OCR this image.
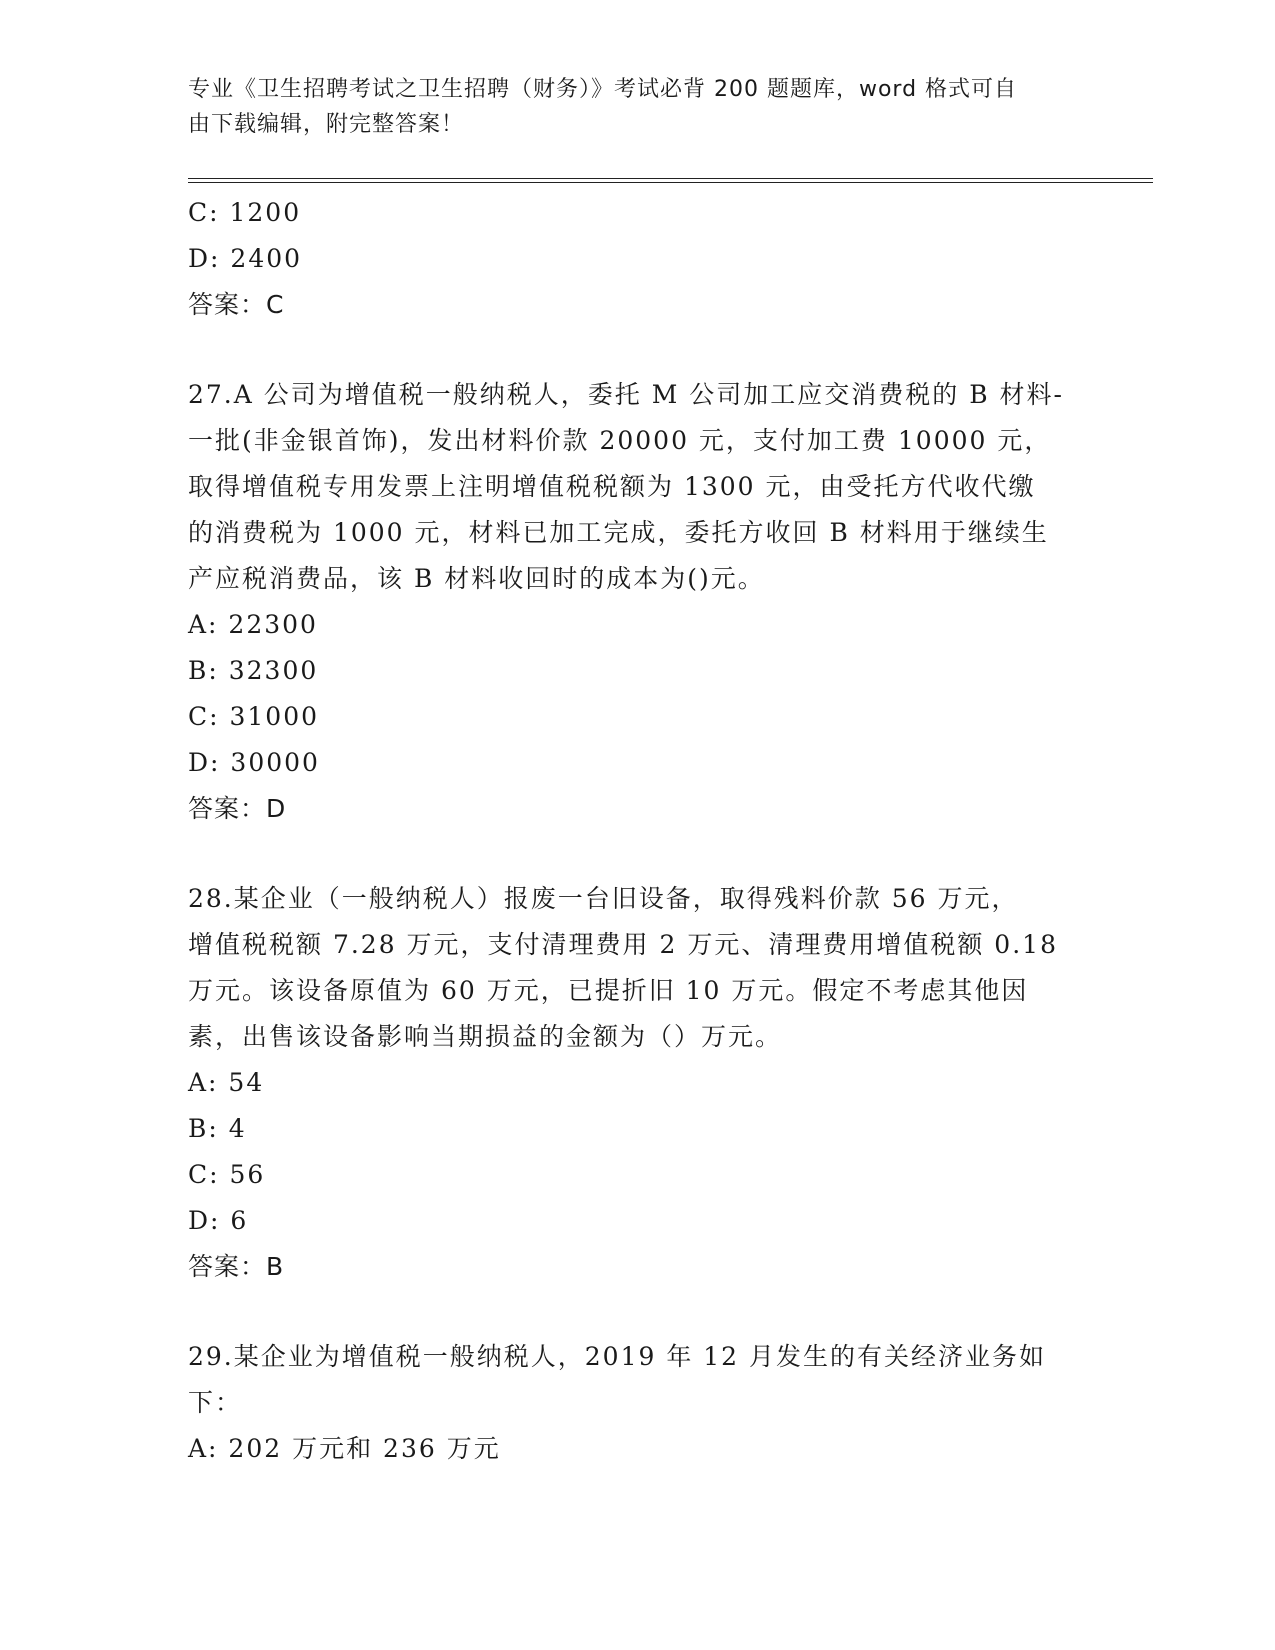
专业《卫生招聘考试之卫生招聘（财务）》考试必背 200 题题库，word 格式可自
由下载编辑，附完整答案！
C: 1200
D: 2400
答案：C
27.A 公司为增值税一般纳税人，委托 M 公司加工应交消费税的 B 材料-
一批(非金银首饰)，发出材料价款 20000 元，支付加工费 10000 元，
取得增值税专用发票上注明增值税税额为 1300 元，由受托方代收代缴
的消费税为 1000 元，材料已加工完成，委托方收回 B 材料用于继续生
产应税消费品，该 B 材料收回时的成本为()元。
A: 22300
B: 32300
C: 31000
D: 30000
答案：D
28.某企业（一般纳税人）报废一台旧设备，取得残料价款 56 万元，
增值税税额 7.28 万元，支付清理费用 2 万元、清理费用增值税额 0.18
万元。该设备原值为 60 万元，已提折旧 10 万元。假定不考虑其他因
素，出售该设备影响当期损益的金额为（）万元。
A: 54
B: 4
C: 56
D: 6
答案：B
29.某企业为增值税一般纳税人，2019 年 12 月发生的有关经济业务如
下：
A: 202 万元和 236 万元
